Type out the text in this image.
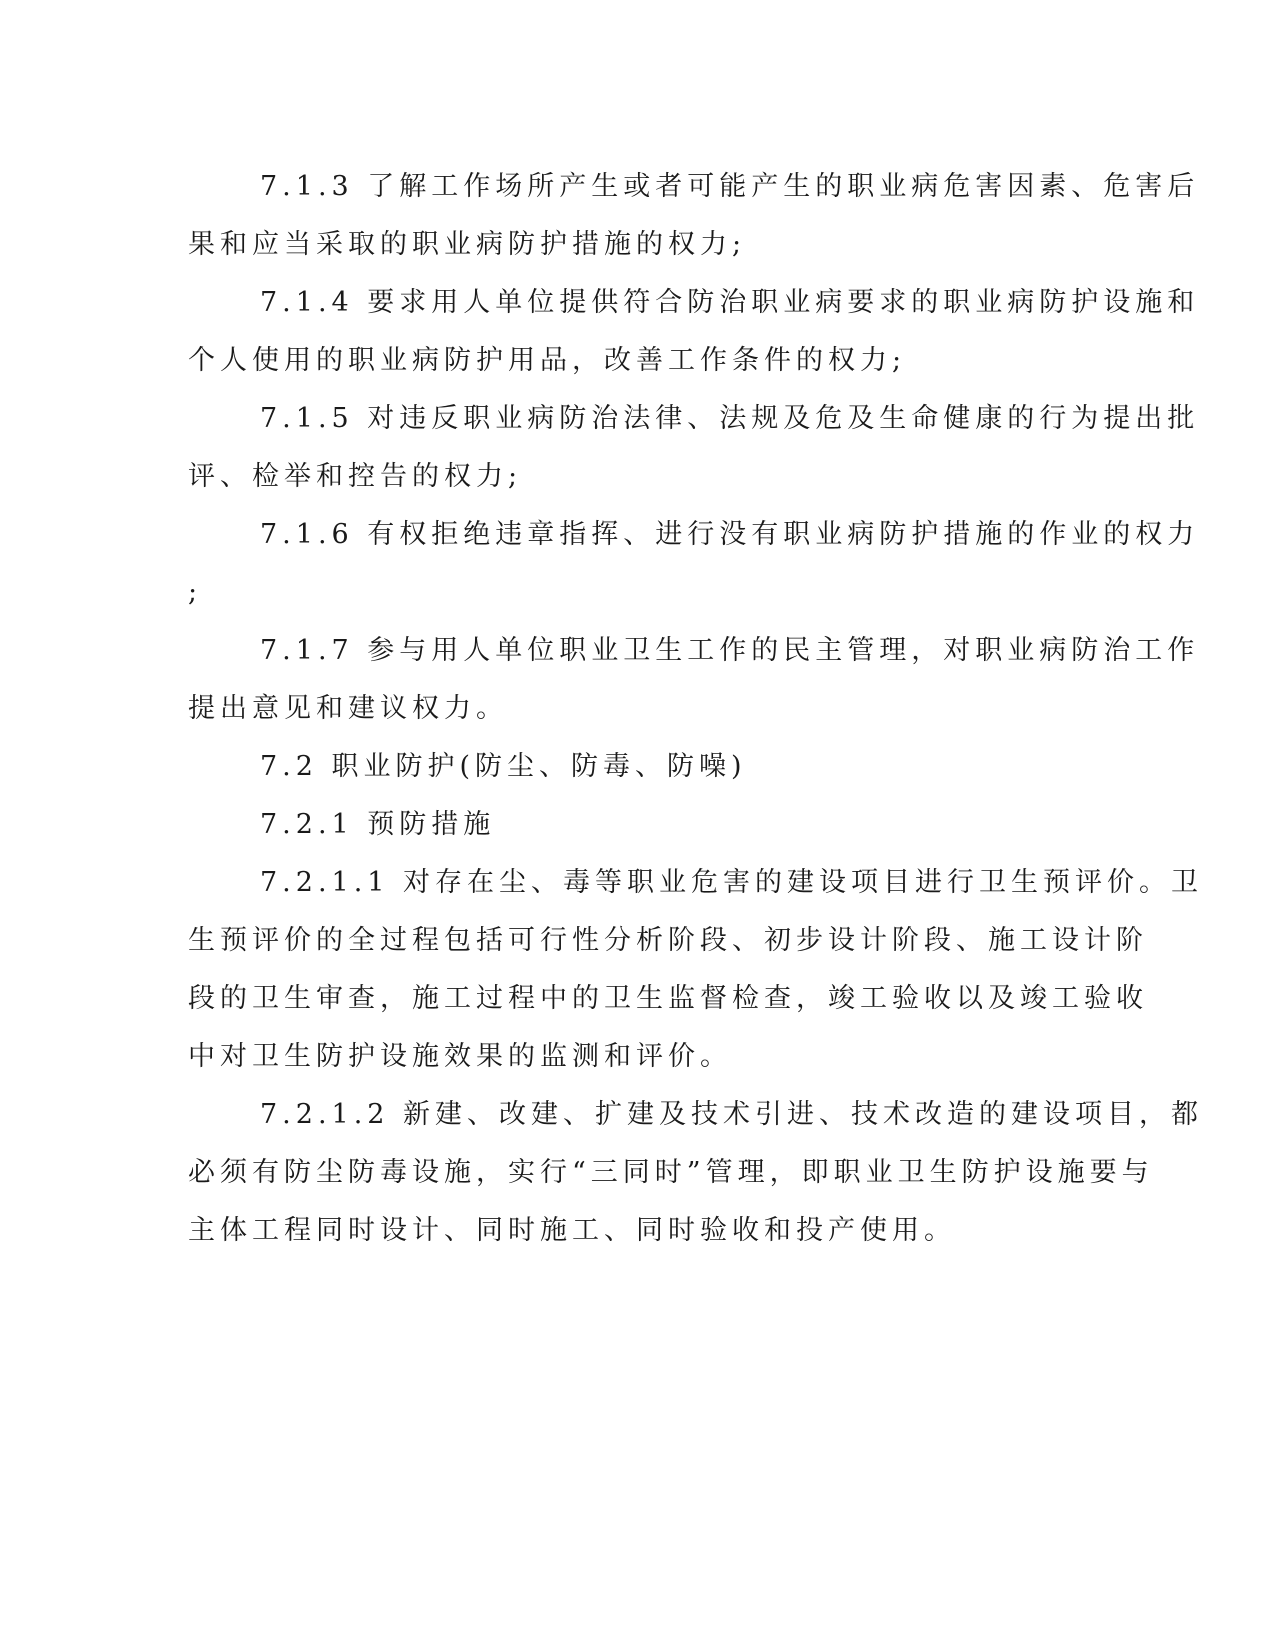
7.1.3 了解工作场所产生或者可能产生的职业病危害因素、危害后
果和应当采取的职业病防护措施的权力;
7.1.4 要求用人单位提供符合防治职业病要求的职业病防护设施和
个人使用的职业病防护用品，改善工作条件的权力;
7.1.5 对违反职业病防治法律、法规及危及生命健康的行为提出批
评、检举和控告的权力;
7.1.6 有权拒绝违章指挥、进行没有职业病防护措施的作业的权力
;
7.1.7 参与用人单位职业卫生工作的民主管理，对职业病防治工作
提出意见和建议权力。
7.2 职业防护(防尘、防毒、防噪)
7.2.1 预防措施
7.2.1.1 对存在尘、毒等职业危害的建设项目进行卫生预评价。卫
生预评价的全过程包括可行性分析阶段、初步设计阶段、施工设计阶
段的卫生审查，施工过程中的卫生监督检查，竣工验收以及竣工验收
中对卫生防护设施效果的监测和评价。
7.2.1.2 新建、改建、扩建及技术引进、技术改造的建设项目，都
必须有防尘防毒设施，实行“三同时”管理，即职业卫生防护设施要与
主体工程同时设计、同时施工、同时验收和投产使用。
